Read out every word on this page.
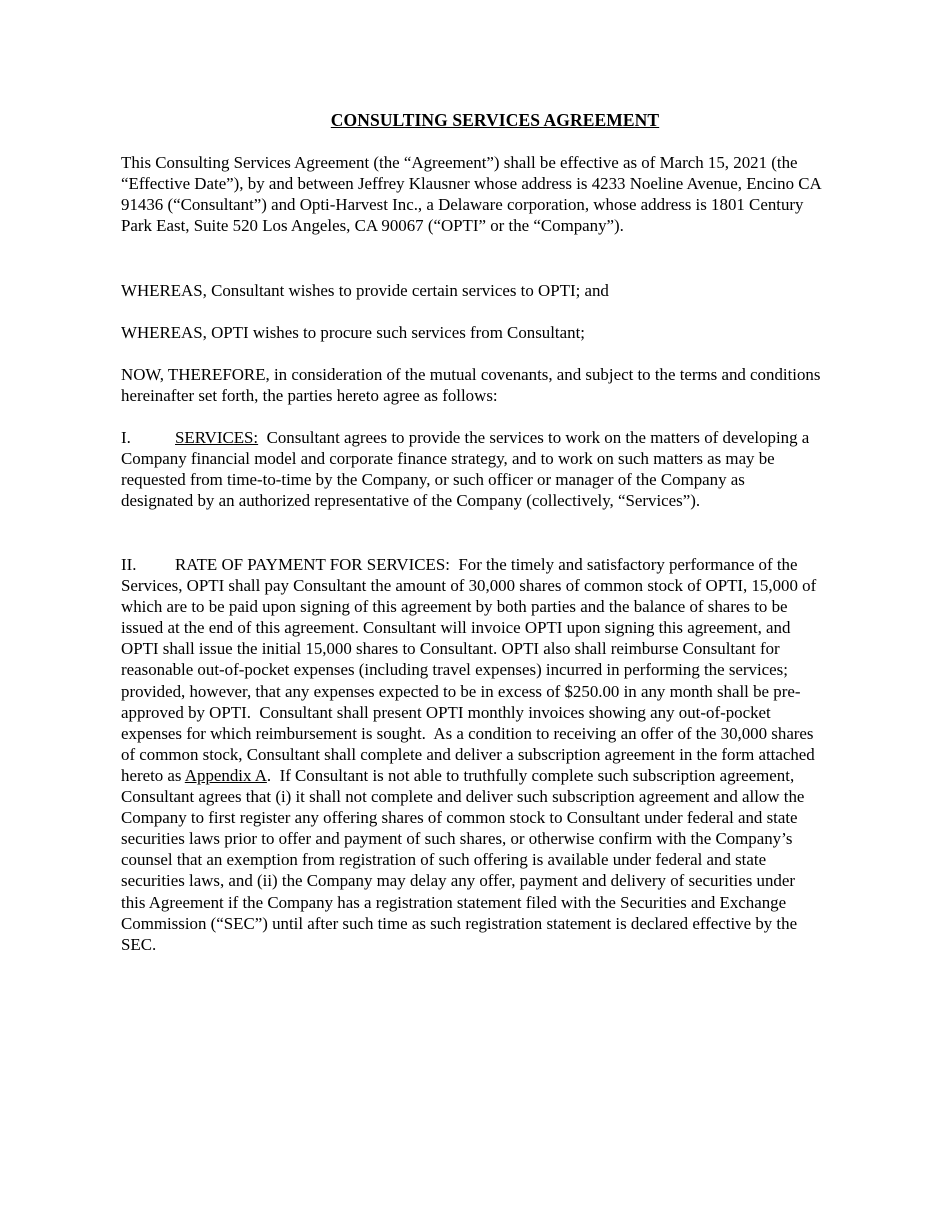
CONSULTING SERVICES AGREEMENT

This Consulting Services Agreement (the “Agreement”) shall be effective as of March 15, 2021 (the “Effective Date”), by and between Jeffrey Klausner whose address is 4233 Noeline Avenue, Encino CA 91436 (“Consultant”) and Opti-Harvest Inc., a Delaware corporation, whose address is 1801 Century Park East, Suite 520 Los Angeles, CA 90067 (“OPTI” or the “Company”).

WHEREAS, Consultant wishes to provide certain services to OPTI; and

WHEREAS, OPTI wishes to procure such services from Consultant;

NOW, THEREFORE, in consideration of the mutual covenants, and subject to the terms and conditions hereinafter set forth, the parties hereto agree as follows:

I.	SERVICES:  Consultant agrees to provide the services to work on the matters of developing a Company financial model and corporate finance strategy, and to work on such matters as may be requested from time-to-time by the Company, or such officer or manager of the Company as designated by an authorized representative of the Company (collectively, “Services”).

II. RATE OF PAYMENT FOR SERVICES:  For the timely and satisfactory performance of the Services, OPTI shall pay Consultant the amount of 30,000 shares of common stock of OPTI, 15,000 of which are to be paid upon signing of this agreement by both parties and the balance of shares to be issued at the end of this agreement. Consultant will invoice OPTI upon signing this agreement, and OPTI shall issue the initial 15,000 shares to Consultant. OPTI also shall reimburse Consultant for reasonable out-of-pocket expenses (including travel expenses) incurred in performing the services; provided, however, that any expenses expected to be in excess of $250.00 in any month shall be pre-approved by OPTI.  Consultant shall present OPTI monthly invoices showing any out-of-pocket expenses for which reimbursement is sought.  As a condition to receiving an offer of the 30,000 shares of common stock, Consultant shall complete and deliver a subscription agreement in the form attached hereto as Appendix A.  If Consultant is not able to truthfully complete such subscription agreement, Consultant agrees that (i) it shall not complete and deliver such subscription agreement and allow the Company to first register any offering shares of common stock to Consultant under federal and state securities laws prior to offer and payment of such shares, or otherwise confirm with the Company’s counsel that an exemption from registration of such offering is available under federal and state securities laws, and (ii) the Company may delay any offer, payment and delivery of securities under this Agreement if the Company has a registration statement filed with the Securities and Exchange Commission (“SEC”) until after such time as such registration statement is declared effective by the SEC.
